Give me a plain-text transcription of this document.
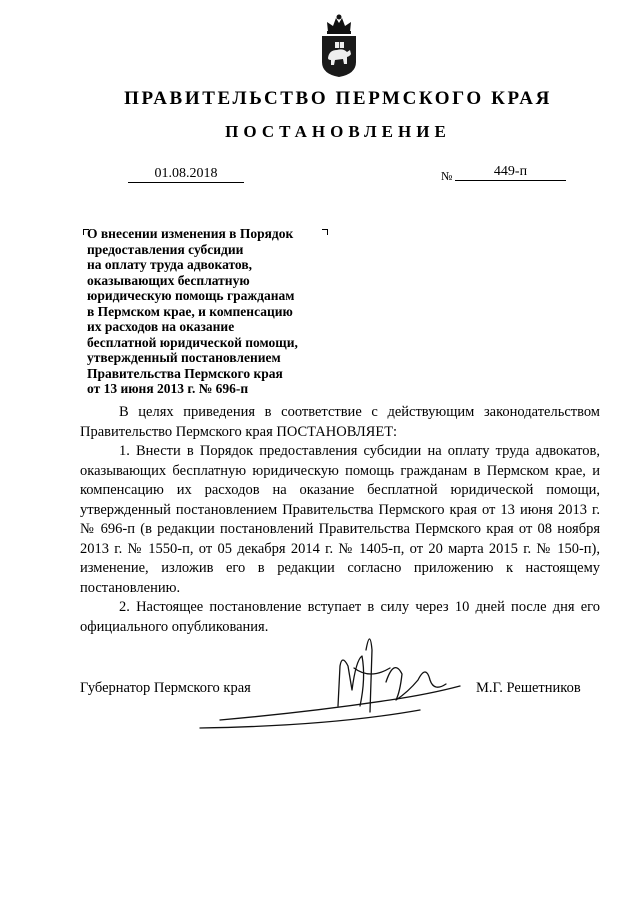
ПРАВИТЕЛЬСТВО ПЕРМСКОГО КРАЯ
ПОСТАНОВЛЕНИЕ
01.08.2018	№	449-п
О внесении изменения в Порядок
предоставления субсидии
на оплату труда адвокатов,
оказывающих бесплатную
юридическую помощь гражданам
в Пермском крае, и компенсацию
их расходов на оказание
бесплатной юридической помощи,
утвержденный постановлением
Правительства Пермского края
от 13 июня 2013 г. № 696-п

В целях приведения в соответствие с действующим законодательством Правительство Пермского края ПОСТАНОВЛЯЕТ:

1. Внести в Порядок предоставления субсидии на оплату труда адвокатов, оказывающих бесплатную юридическую помощь гражданам в Пермском крае, и компенсацию их расходов на оказание бесплатной юридической помощи, утвержденный постановлением Правительства Пермского края от 13 июня 2013 г. № 696-п (в редакции постановлений Правительства Пермского края от 08 ноября 2013 г. № 1550-п, от 05 декабря 2014 г. № 1405-п, от 20 марта 2015 г. № 150-п), изменение, изложив его в редакции согласно приложению к настоящему постановлению.

2. Настоящее постановление вступает в силу через 10 дней после дня его официального опубликования.

Губернатор Пермского края	М.Г. Решетников
